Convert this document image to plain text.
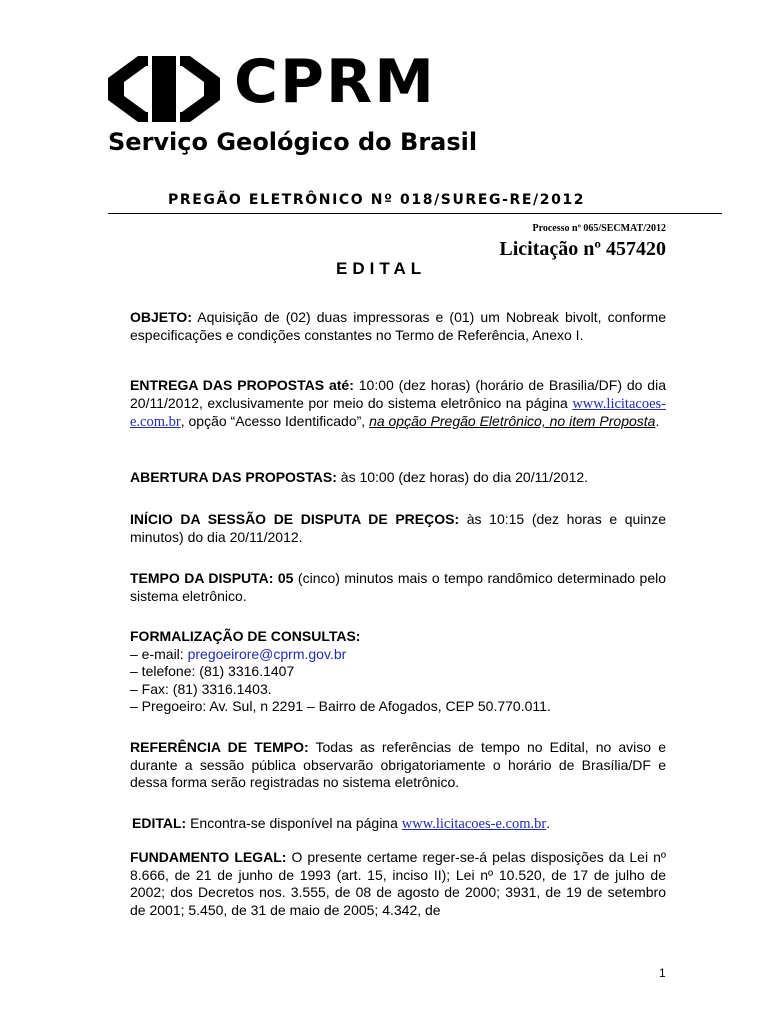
CPRM
Serviço Geológico do Brasil
PREGÃO ELETRÔNICO Nº 018/SUREG-RE/2012
Processo nº 065/SECMAT/2012
Licitação nº 457420
EDITAL

OBJETO: Aquisição de (02) duas impressoras e (01) um Nobreak bivolt, conforme especificações e condições constantes no Termo de Referência, Anexo I.

ENTREGA DAS PROPOSTAS até: 10:00 (dez horas) (horário de Brasilia/DF) do dia 20/11/2012, exclusivamente por meio do sistema eletrônico na página www.licitacoes-e.com.br, opção “Acesso Identificado”, na opção Pregão Eletrônico, no item Proposta.

ABERTURA DAS PROPOSTAS: às 10:00 (dez horas) do dia 20/11/2012.

INÍCIO DA SESSÃO DE DISPUTA DE PREÇOS: às 10:15 (dez horas e quinze minutos) do dia 20/11/2012.

TEMPO DA DISPUTA: 05 (cinco) minutos mais o tempo randômico determinado pelo sistema eletrônico.

FORMALIZAÇÃO DE CONSULTAS:
– e-mail: pregoeirore@cprm.gov.br
– telefone: (81) 3316.1407
– Fax: (81) 3316.1403.
– Pregoeiro: Av. Sul, n 2291 – Bairro de Afogados, CEP 50.770.011.

REFERÊNCIA DE TEMPO: Todas as referências de tempo no Edital, no aviso e durante a sessão pública observarão obrigatoriamente o horário de Brasília/DF e dessa forma serão registradas no sistema eletrônico.

EDITAL: Encontra-se disponível na página www.licitacoes-e.com.br.

FUNDAMENTO LEGAL: O presente certame reger-se-á pelas disposições da Lei nº 8.666, de 21 de junho de 1993 (art. 15, inciso II); Lei nº 10.520, de 17 de julho de 2002; dos Decretos nos. 3.555, de 08 de agosto de 2000; 3931, de 19 de setembro de 2001; 5.450, de 31 de maio de 2005; 4.342, de

1
